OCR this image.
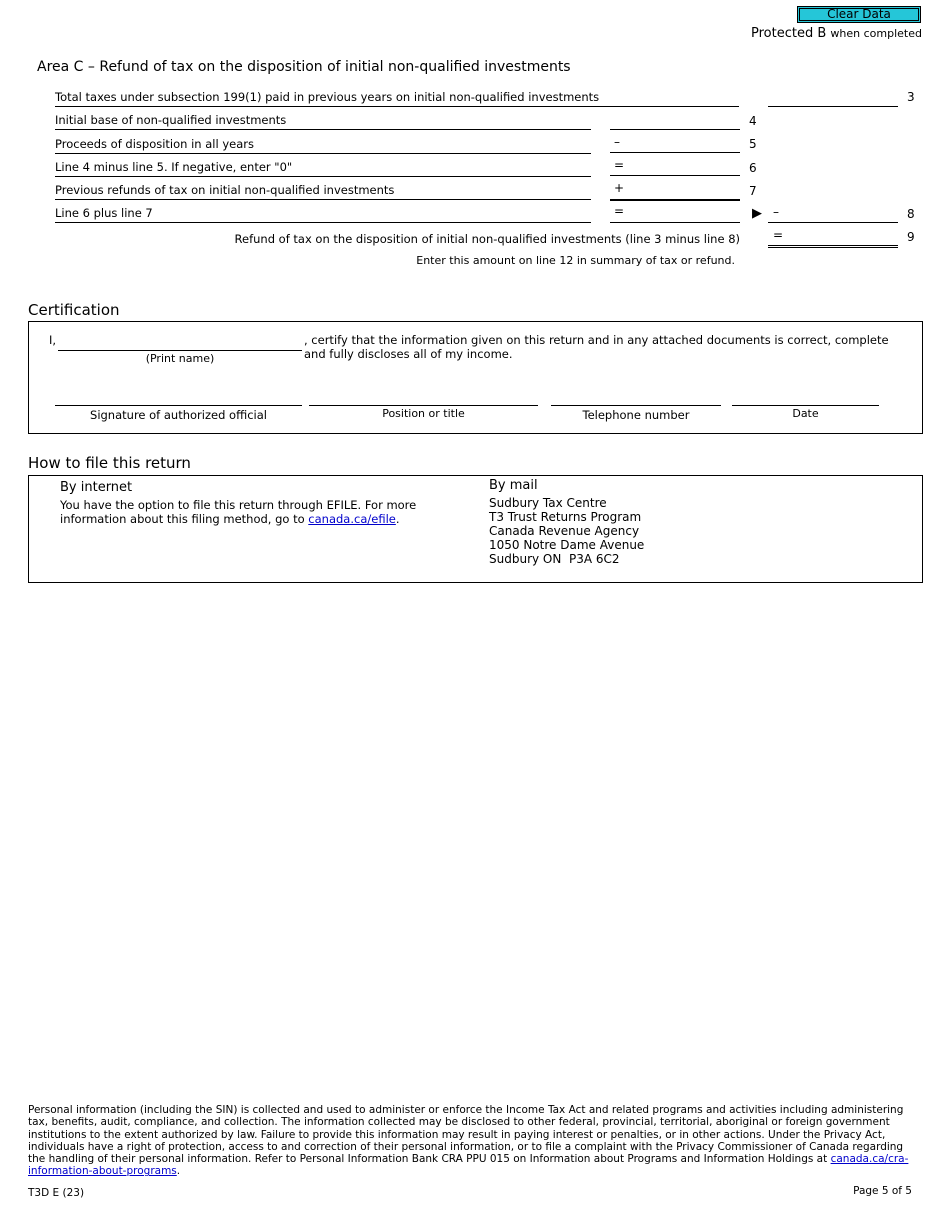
Clear Data
Protected B when completed
Area C – Refund of tax on the disposition of initial non-qualified investments
Total taxes under subsection 199(1) paid in previous years on initial non-qualified investments	3
Initial base of non-qualified investments	4
Proceeds of disposition in all years	–	5
Line 4 minus line 5. If negative, enter "0"	=	6
Previous refunds of tax on initial non-qualified investments	+	7
Line 6 plus line 7	=	▶ –	8
Refund of tax on the disposition of initial non-qualified investments (line 3 minus line 8)	=	9
Enter this amount on line 12 in summary of tax or refund.
Certification
I,
(Print name)
, certify that the information given on this return and in any attached documents is correct, complete and fully discloses all of my income.
Signature of authorized official	Position or title	Telephone number	Date
How to file this return
By internet
You have the option to file this return through EFILE. For more information about this filing method, go to canada.ca/efile.
By mail
Sudbury Tax Centre
T3 Trust Returns Program
Canada Revenue Agency
1050 Notre Dame Avenue
Sudbury ON  P3A 6C2
Personal information (including the SIN) is collected and used to administer or enforce the Income Tax Act and related programs and activities including administering tax, benefits, audit, compliance, and collection. The information collected may be disclosed to other federal, provincial, territorial, aboriginal or foreign government institutions to the extent authorized by law. Failure to provide this information may result in paying interest or penalties, or in other actions. Under the Privacy Act, individuals have a right of protection, access to and correction of their personal information, or to file a complaint with the Privacy Commissioner of Canada regarding the handling of their personal information. Refer to Personal Information Bank CRA PPU 015 on Information about Programs and Information Holdings at canada.ca/cra-information-about-programs.
T3D E (23)	Page 5 of 5
